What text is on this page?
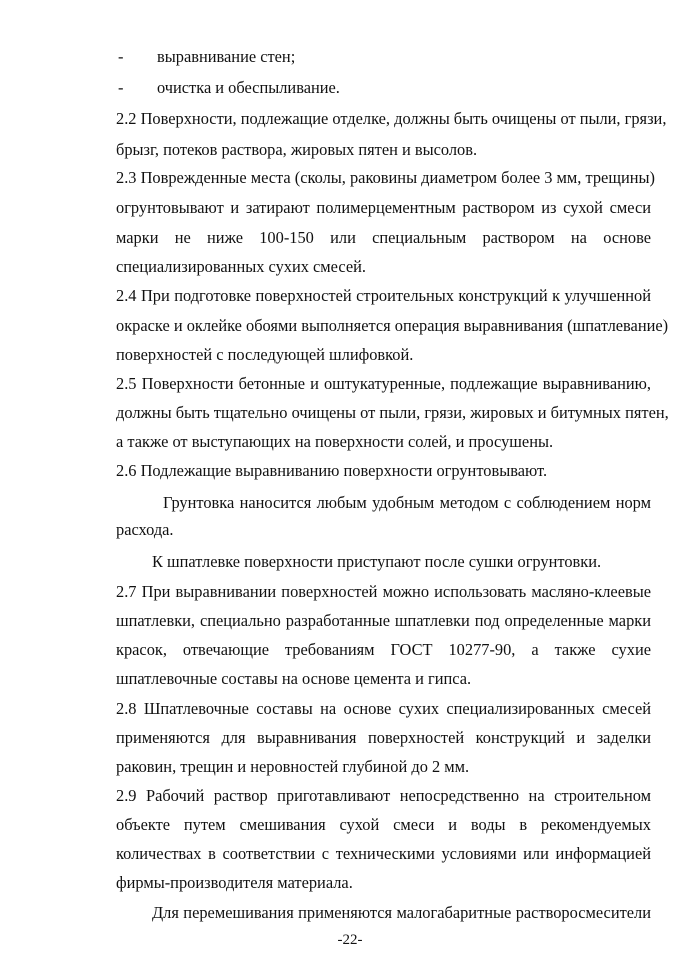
- выравнивание стен;
- очистка и обеспыливание.
2.2 Поверхности, подлежащие отделке, должны быть очищены от пыли, грязи,
брызг, потеков раствора, жировых пятен и высолов.
2.3 Поврежденные места (сколы, раковины диаметром более 3 мм, трещины)
огрунтовывают и затирают полимерцементным раствором из сухой смеси
марки не ниже 100-150 или специальным раствором на основе
специализированных сухих смесей.
2.4 При подготовке поверхностей строительных конструкций к улучшенной
окраске и оклейке обоями выполняется операция выравнивания (шпатлевание)
поверхностей с последующей шлифовкой.
2.5 Поверхности бетонные и оштукатуренные, подлежащие выравниванию,
должны быть тщательно очищены от пыли, грязи, жировых и битумных пятен,
а также от выступающих на поверхности солей, и просушены.
2.6 Подлежащие выравниванию поверхности огрунтовывают.
Грунтовка наносится любым удобным методом с соблюдением норм
расхода.
К шпатлевке поверхности приступают после сушки огрунтовки.
2.7 При выравнивании поверхностей можно использовать масляно-клеевые
шпатлевки, специально разработанные шпатлевки под определенные марки
красок, отвечающие требованиям ГОСТ 10277-90, а также сухие
шпатлевочные составы на основе цемента и гипса.
2.8 Шпатлевочные составы на основе сухих специализированных смесей
применяются для выравнивания поверхностей конструкций и заделки
раковин, трещин и неровностей глубиной до 2 мм.
2.9 Рабочий раствор приготавливают непосредственно на строительном
объекте путем смешивания сухой смеси и воды в рекомендуемых
количествах в соответствии с техническими условиями или информацией
фирмы-производителя материала.
Для перемешивания применяются малогабаритные растворосмесители
-22-
